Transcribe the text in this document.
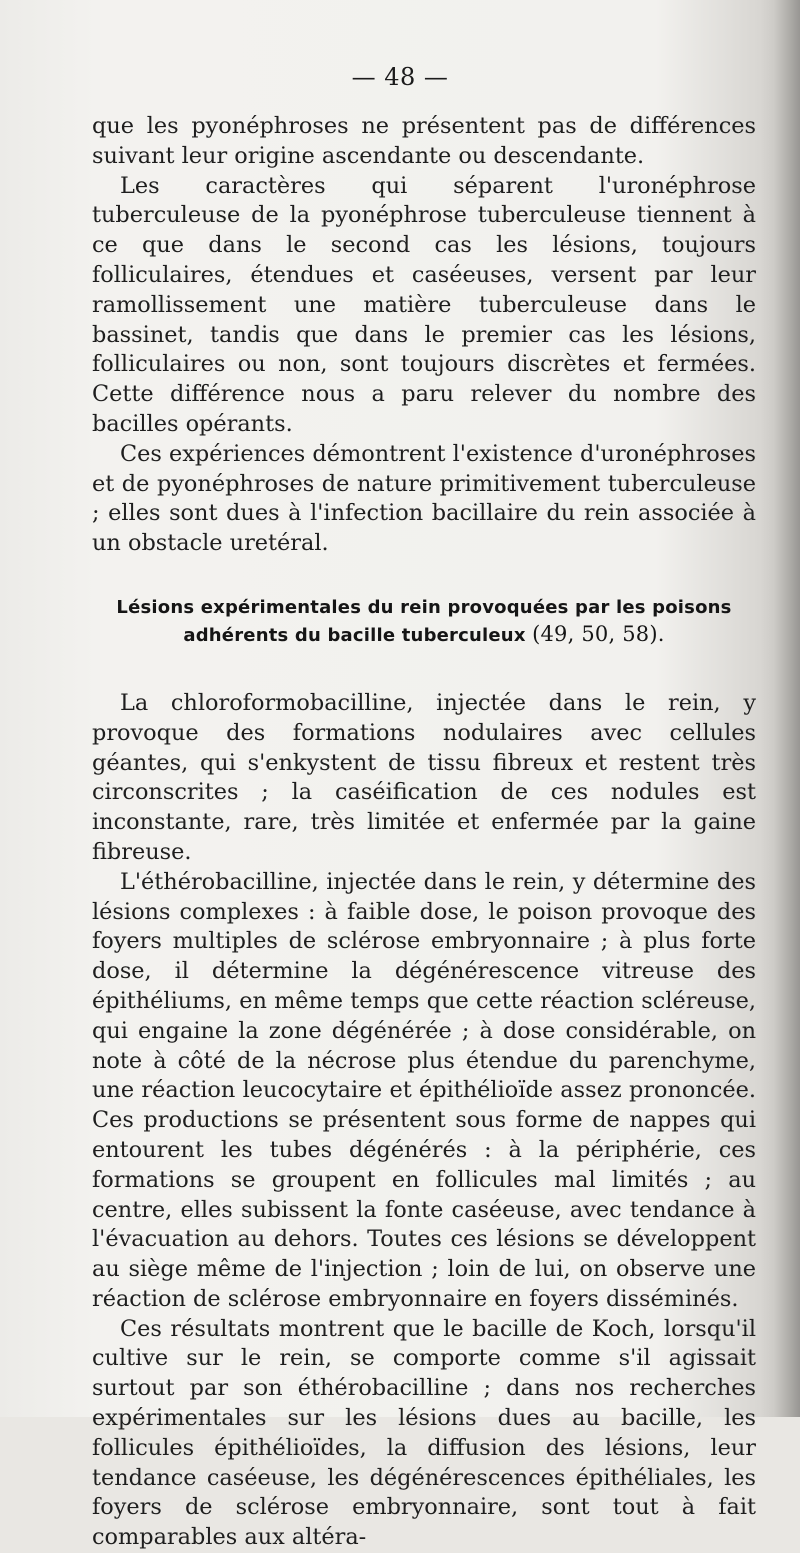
— 48 —

que les pyonéphroses ne présentent pas de différences suivant leur origine ascendante ou descendante.

Les caractères qui séparent l'uronéphrose tuberculeuse de la pyonéphrose tuberculeuse tiennent à ce que dans le second cas les lésions, toujours folliculaires, étendues et caséeuses, versent par leur ramollissement une matière tuberculeuse dans le bassinet, tandis que dans le premier cas les lésions, folliculaires ou non, sont toujours discrètes et fermées. Cette différence nous a paru relever du nombre des bacilles opérants.

Ces expériences démontrent l'existence d'uronéphroses et de pyonéphroses de nature primitivement tuberculeuse ; elles sont dues à l'infection bacillaire du rein associée à un obstacle uretéral.

Lésions expérimentales du rein provoquées par les poisons
adhérents du bacille tuberculeux (49, 50, 58).

La chloroformobacilline, injectée dans le rein, y provoque des formations nodulaires avec cellules géantes, qui s'enkystent de tissu fibreux et restent très circonscrites ; la caséification de ces nodules est inconstante, rare, très limitée et enfermée par la gaine fibreuse.

L'éthérobacilline, injectée dans le rein, y détermine des lésions complexes : à faible dose, le poison provoque des foyers multiples de sclérose embryonnaire ; à plus forte dose, il détermine la dégénérescence vitreuse des épithéliums, en même temps que cette réaction scléreuse, qui engaine la zone dégénérée ; à dose considérable, on note à côté de la nécrose plus étendue du parenchyme, une réaction leucocytaire et épithélioïde assez prononcée. Ces productions se présentent sous forme de nappes qui entourent les tubes dégénérés : à la périphérie, ces formations se groupent en follicules mal limités ; au centre, elles subissent la fonte caséeuse, avec tendance à l'évacuation au dehors. Toutes ces lésions se développent au siège même de l'injection ; loin de lui, on observe une réaction de sclérose embryonnaire en foyers disséminés.

Ces résultats montrent que le bacille de Koch, lorsqu'il cultive sur le rein, se comporte comme s'il agissait surtout par son éthérobacilline ; dans nos recherches expérimentales sur les lésions dues au bacille, les follicules épithélioïdes, la diffusion des lésions, leur tendance caséeuse, les dégénérescences épithéliales, les foyers de sclérose embryonnaire, sont tout à fait comparables aux altéra-
